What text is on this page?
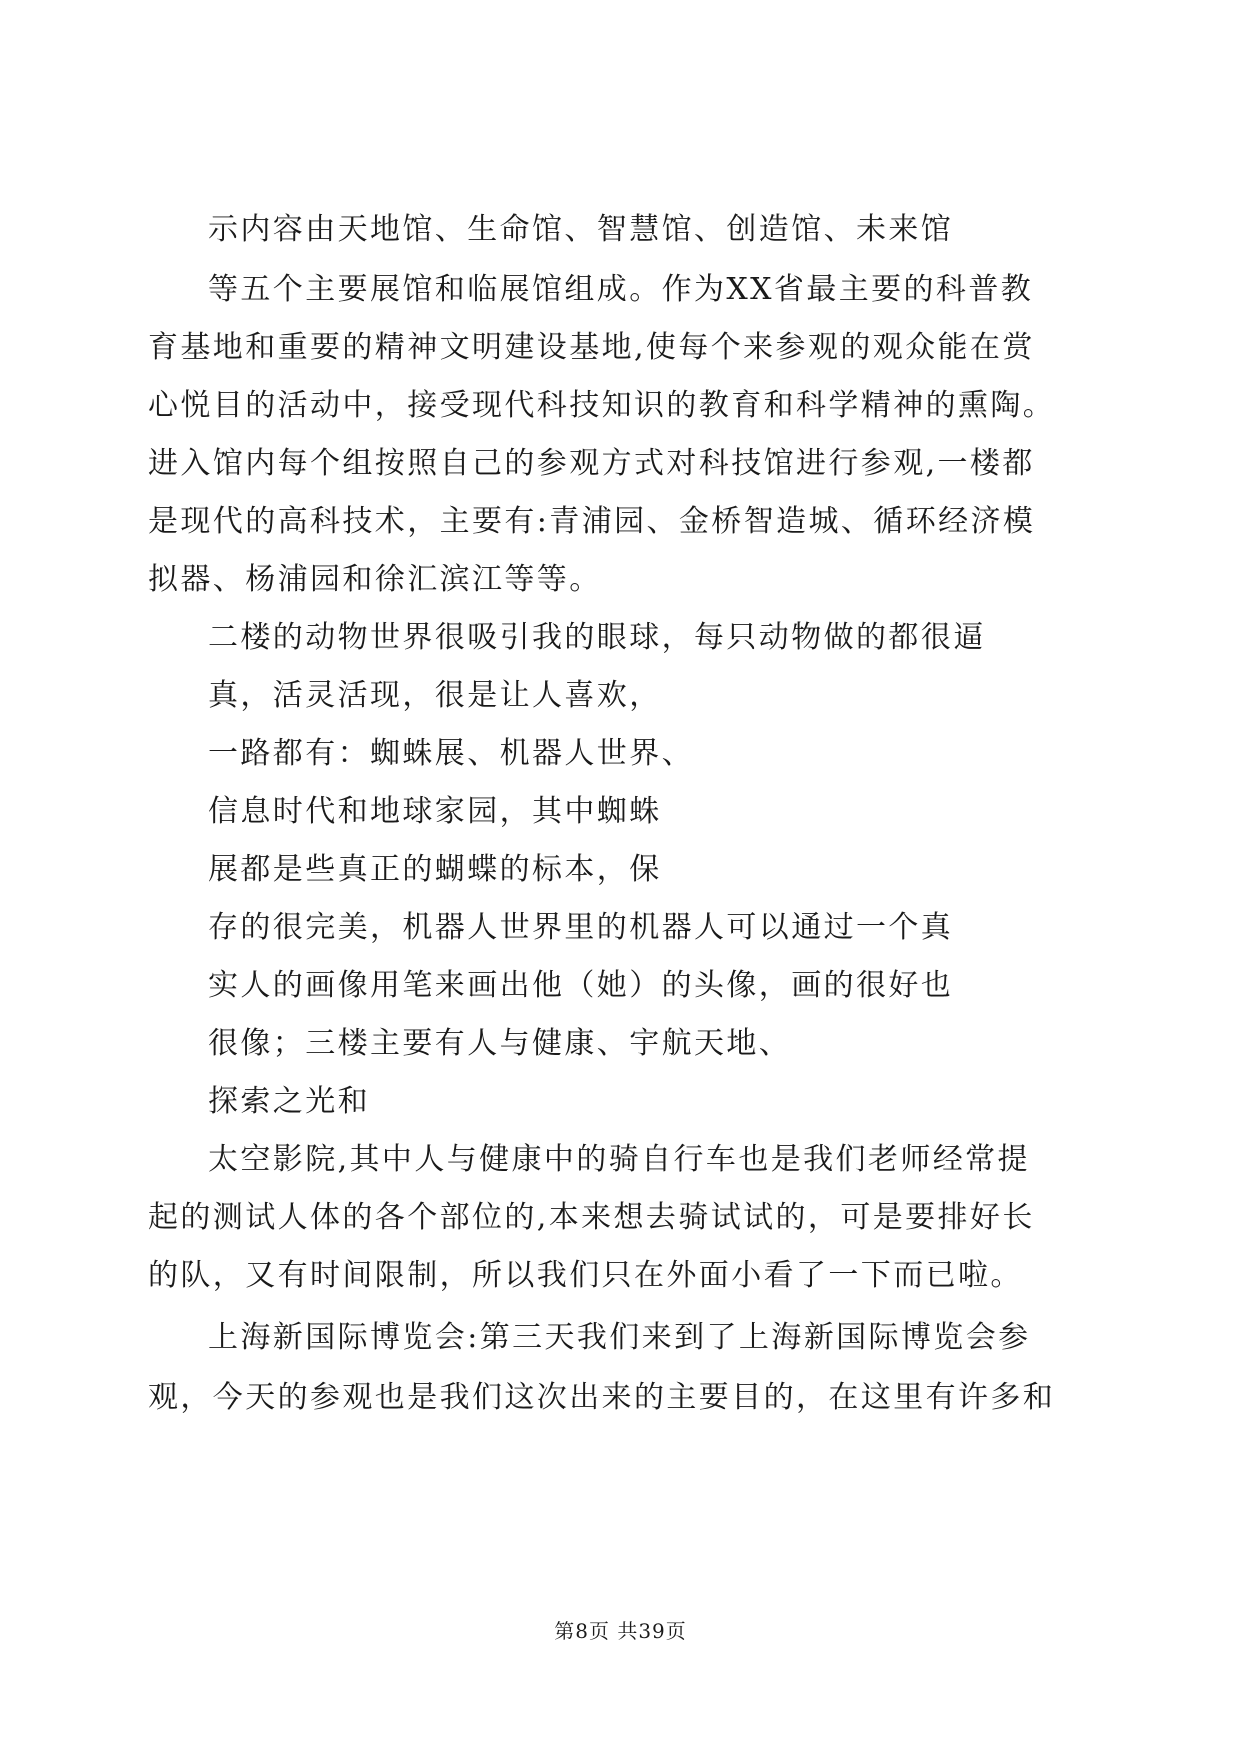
示内容由天地馆、生命馆、智慧馆、创造馆、未来馆
等五个主要展馆和临展馆组成。作为XX省最主要的科普教
育基地和重要的精神文明建设基地,使每个来参观的观众能在赏
心悦目的活动中，接受现代科技知识的教育和科学精神的熏陶。
进入馆内每个组按照自己的参观方式对科技馆进行参观,一楼都
是现代的高科技术，主要有:青浦园、金桥智造城、循环经济模
拟器、杨浦园和徐汇滨江等等。
二楼的动物世界很吸引我的眼球，每只动物做的都很逼
真，活灵活现，很是让人喜欢，
一路都有：蜘蛛展、机器人世界、
信息时代和地球家园，其中蜘蛛
展都是些真正的蝴蝶的标本，保
存的很完美，机器人世界里的机器人可以通过一个真
实人的画像用笔来画出他（她）的头像，画的很好也
很像；三楼主要有人与健康、宇航天地、
探索之光和
太空影院,其中人与健康中的骑自行车也是我们老师经常提
起的测试人体的各个部位的,本来想去骑试试的，可是要排好长
的队，又有时间限制，所以我们只在外面小看了一下而已啦。
上海新国际博览会:第三天我们来到了上海新国际博览会参
观，今天的参观也是我们这次出来的主要目的，在这里有许多和
第8页 共39页
